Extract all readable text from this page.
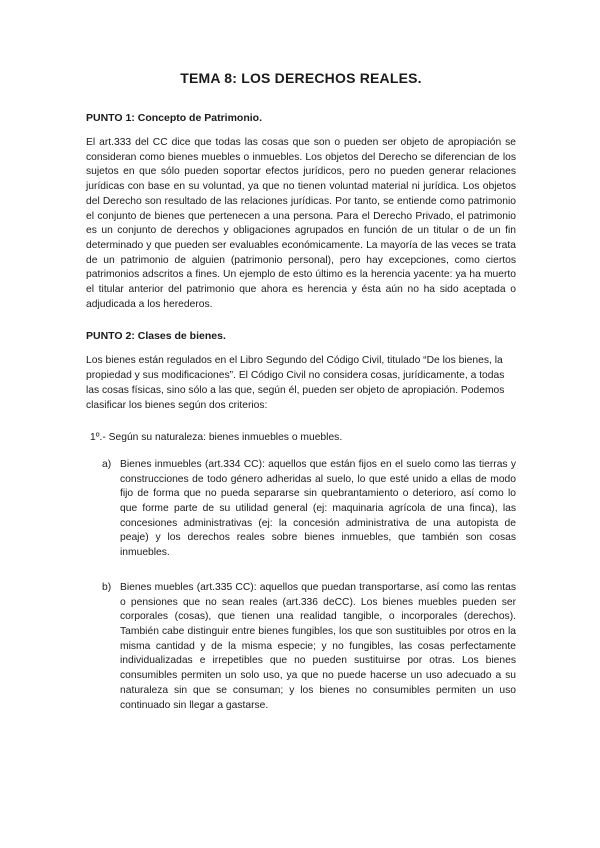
TEMA 8: LOS DERECHOS REALES.
PUNTO 1: Concepto de Patrimonio.
El art.333 del CC dice que todas las cosas que son o pueden ser objeto de apropiación se consideran como bienes muebles o inmuebles. Los objetos del Derecho se diferencian de los sujetos en que sólo pueden soportar efectos jurídicos, pero no pueden generar relaciones jurídicas con base en su voluntad, ya que no tienen voluntad material ni jurídica. Los objetos del Derecho son resultado de las relaciones jurídicas. Por tanto, se entiende como patrimonio el conjunto de bienes que pertenecen a una persona. Para el Derecho Privado, el patrimonio es un conjunto de derechos y obligaciones agrupados en función de un titular o de un fin determinado y que pueden ser evaluables económicamente. La mayoría de las veces se trata de un patrimonio de alguien (patrimonio personal), pero hay excepciones, como ciertos patrimonios adscritos a fines. Un ejemplo de esto último es la herencia yacente: ya ha muerto el titular anterior del patrimonio que ahora es herencia y ésta aún no ha sido aceptada o adjudicada a los herederos.
PUNTO 2: Clases de bienes.
Los bienes están regulados en el Libro Segundo del Código Civil, titulado “De los bienes, la propiedad y sus modificaciones”. El Código Civil no considera cosas, jurídicamente, a todas las cosas físicas, sino sólo a las que, según él, pueden ser objeto de apropiación. Podemos clasificar los bienes según dos criterios:
1º.- Según su naturaleza: bienes inmuebles o muebles.
a) Bienes inmuebles (art.334 CC): aquellos que están fijos en el suelo como las tierras y construcciones de todo género adheridas al suelo, lo que esté unido a ellas de modo fijo de forma que no pueda separarse sin quebrantamiento o deterioro, así como lo que forme parte de su utilidad general (ej: maquinaria agrícola de una finca), las concesiones administrativas (ej: la concesión administrativa de una autopista de peaje) y los derechos reales sobre bienes inmuebles, que también son cosas inmuebles.
b) Bienes muebles (art.335 CC): aquellos que puedan transportarse, así como las rentas o pensiones que no sean reales (art.336 deCC). Los bienes muebles pueden ser corporales (cosas), que tienen una realidad tangible, o incorporales (derechos). También cabe distinguir entre bienes fungibles, los que son sustituibles por otros en la misma cantidad y de la misma especie; y no fungibles, las cosas perfectamente individualizadas e irrepetibles que no pueden sustituirse por otras. Los bienes consumibles permiten un solo uso, ya que no puede hacerse un uso adecuado a su naturaleza sin que se consuman; y los bienes no consumibles permiten un uso continuado sin llegar a gastarse.
